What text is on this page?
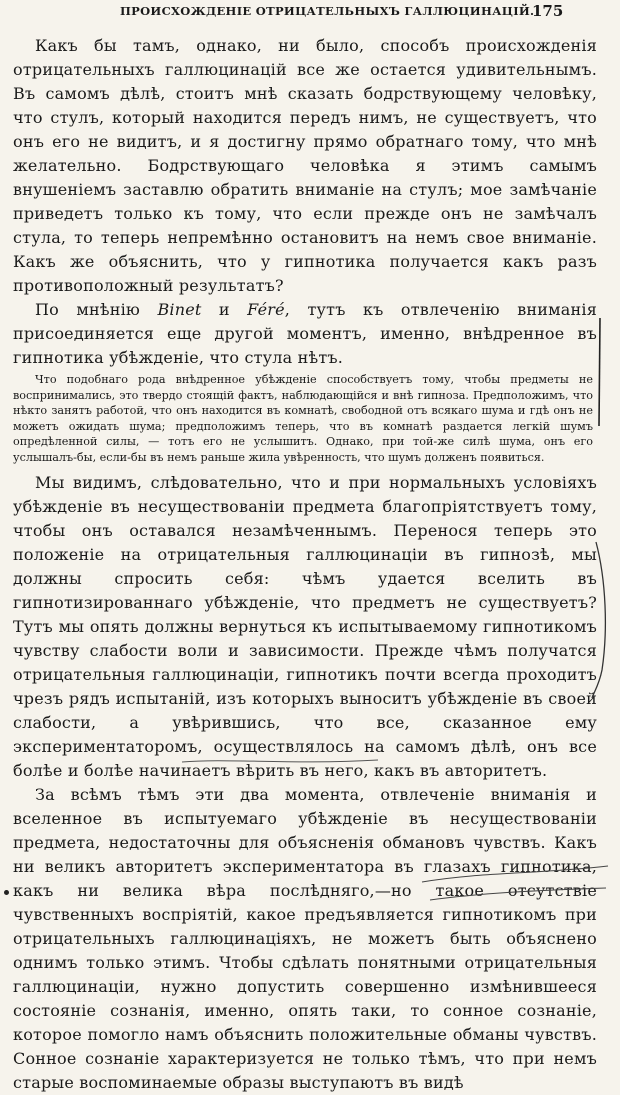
ПРОИСХОЖДЕНІЕ ОТРИЦАТЕЛЬНЫХЪ ГАЛЛЮЦИНАЦІЙ.
175

Какъ бы тамъ, однако, ни было, способъ происхожденія отрицательныхъ галлюцинацій все же остается удивительнымъ. Въ самомъ дѣлѣ, стоитъ мнѣ сказать бодрствующему человѣку, что стулъ, который находится передъ нимъ, не существуетъ, что онъ его не видитъ, и я достигну прямо обратнаго тому, что мнѣ желательно. Бодрствующаго человѣка я этимъ самымъ внушеніемъ заставлю обратить вниманіе на стулъ; мое замѣчаніе приведетъ только къ тому, что если прежде онъ не замѣчалъ стула, то теперь непремѣнно остановитъ на немъ свое вниманіе. Какъ же объяснить, что у гипнотика получается какъ разъ противоположный результатъ?

По мнѣнію Binet и Féré, тутъ къ отвлеченію вниманія присоединяется еще другой моментъ, именно, внѣдренное въ гипнотика убѣжденіе, что стула нѣтъ.

Что подобнаго рода внѣдренное убѣжденіе способствуетъ тому, чтобы предметы не воспринимались, это твердо стоящій фактъ, наблюдающійся и внѣ гипноза. Предположимъ, что нѣкто занятъ работой, что онъ находится въ комнатѣ, свободной отъ всякаго шума и гдѣ онъ не можетъ ожидать шума; предположимъ теперь, что въ комнатѣ раздается легкій шумъ опредѣленной силы, — тотъ его не услышитъ. Однако, при той-же силѣ шума, онъ его услышалъ-бы, если-бы въ немъ раньше жила увѣренность, что шумъ долженъ появиться.

Мы видимъ, слѣдовательно, что и при нормальныхъ условіяхъ убѣжденіе въ несуществованіи предмета благопріятствуетъ тому, чтобы онъ оставался незамѣченнымъ. Перенося теперь это положеніе на отрицательныя галлюцинаціи въ гипнозѣ, мы должны спросить себя: чѣмъ удается вселить въ гипнотизированнаго убѣжденіе, что предметъ не существуетъ? Тутъ мы опять должны вернуться къ испытываемому гипнотикомъ чувству слабости воли и зависимости. Прежде чѣмъ получатся отрицательныя галлюцинаціи, гипнотикъ почти всегда проходитъ чрезъ рядъ испытаній, изъ которыхъ выноситъ убѣжденіе въ своей слабости, а увѣрившись, что все, сказанное ему экспериментаторомъ, осуществлялось на самомъ дѣлѣ, онъ все болѣе и болѣе начинаетъ вѣрить въ него, какъ въ авторитетъ.

За всѣмъ тѣмъ эти два момента, отвлеченіе вниманія и вселенное въ испытуемаго убѣжденіе въ несуществованіи предмета, недостаточны для объясненія обмановъ чувствъ. Какъ ни великъ авторитетъ экспериментатора въ глазахъ гипнотика, какъ ни велика вѣра послѣдняго,—но такое отсутствіе чувственныхъ воспріятій, какое предъявляется гипнотикомъ при отрицательныхъ галлюцинаціяхъ, не можетъ быть объяснено однимъ только этимъ. Чтобы сдѣлать понятными отрицательныя галлюцинаціи, нужно допустить совершенно измѣнившееся состояніе сознанія, именно, опять таки, то сонное сознаніе, которое помогло намъ объяснить положительные обманы чувствъ. Сонное сознаніе характеризуется не только тѣмъ, что при немъ старые воспоминаемые образы выступаютъ въ видѣ
